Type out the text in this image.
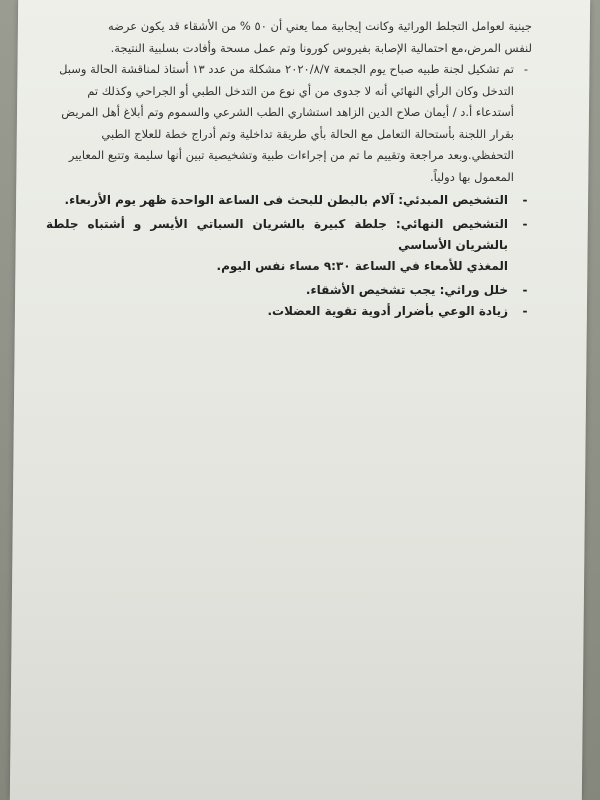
جينية لعوامل التجلط الوراثية وكانت إيجابية مما يعني أن ٥٠ % من الأشقاء قد يكون عرضه
لنفس المرض،مع احتمالية الإصابة بفيروس كورونا وتم عمل مسحة وأفادت بسلبية النتيجة.

-
تم تشكيل لجنة طبيه صباح يوم الجمعة ٢٠٢٠/٨/٧ مشكلة من عدد ١٣ أستاذ لمناقشة الحالة وسبل
التدخل وكان الرأي النهائي أنه لا جدوى من أي نوع من التدخل الطبي أو الجراحي وكذلك تم
أستدعاء أ.د / أيمان صلاح الدين الزاهد استشاري الطب الشرعي والسموم وتم أبلاغ أهل المريض
بقرار اللجنة بأستحالة التعامل مع الحالة بأي طريقة تداخلية وتم أدراج خطة للعلاج الطبي
التحفظي.وبعد مراجعة وتقييم ما تم من إجراءات طبية وتشخيصية تبين أنها سليمة وتتبع المعايير
المعمول بها دولياً.
-
التشخيص المبدئي: آلام بالبطن للبحث فى الساعة الواحدة ظهر يوم الأربعاء.
-
التشخيص النهائي: جلطة كبيرة بالشريان السباتي الأيسر و أشتباه جلطة بالشريان الأساسي
المغذي للأمعاء في الساعة ٩:٣٠ مساء نفس اليوم.
-
خلل وراثي: يجب تشخيص الأشقاء.
-
زيادة الوعي بأضرار أدوية تقوية العضلات.
